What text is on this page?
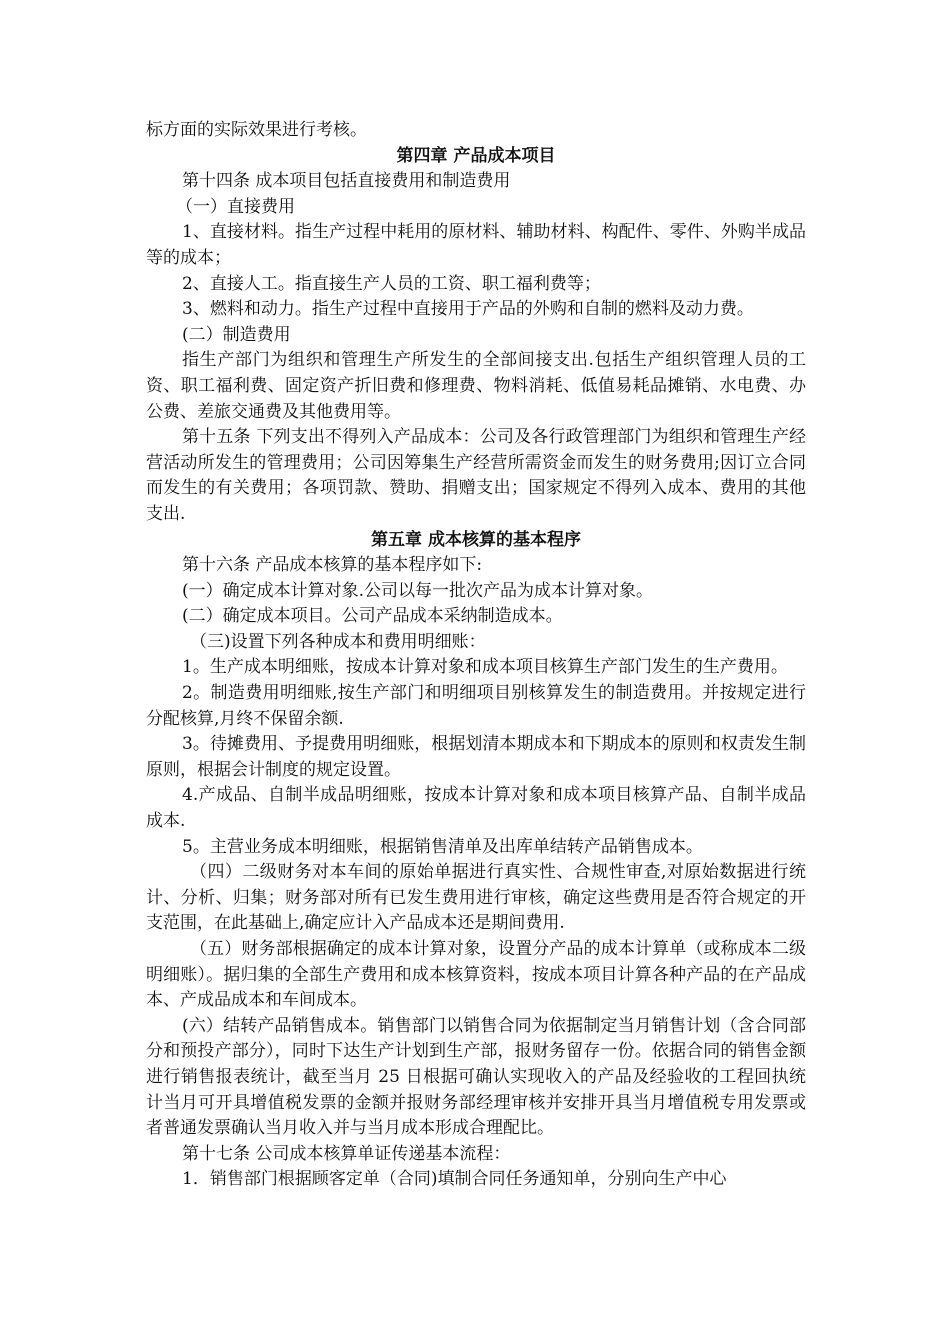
标方面的实际效果进行考核。

第四章 产品成本项目

第十四条 成本项目包括直接费用和制造费用

（一）直接费用

1、直接材料。指生产过程中耗用的原材料、辅助材料、构配件、零件、外购半成品等的成本；

2、直接人工。指直接生产人员的工资、职工福利费等；

3、燃料和动力。指生产过程中直接用于产品的外购和自制的燃料及动力费。

(二）制造费用

指生产部门为组织和管理生产所发生的全部间接支出.包括生产组织管理人员的工资、职工福利费、固定资产折旧费和修理费、物料消耗、低值易耗品摊销、水电费、办公费、差旅交通费及其他费用等。

第十五条 下列支出不得列入产品成本：公司及各行政管理部门为组织和管理生产经营活动所发生的管理费用；公司因筹集生产经营所需资金而发生的财务费用;因订立合同而发生的有关费用；各项罚款、赞助、捐赠支出；国家规定不得列入成本、费用的其他支出.

第五章 成本核算的基本程序

第十六条 产品成本核算的基本程序如下:

(一）确定成本计算对象.公司以每一批次产品为成本计算对象。

(二）确定成本项目。公司产品成本采纳制造成本。

（三)设置下列各种成本和费用明细账：

1。生产成本明细账，按成本计算对象和成本项目核算生产部门发生的生产费用。

2。制造费用明细账,按生产部门和明细项目别核算发生的制造费用。并按规定进行分配核算,月终不保留余额.

3。待摊费用、予提费用明细账，根据划清本期成本和下期成本的原则和权责发生制原则，根据会计制度的规定设置。

4.产成品、自制半成品明细账，按成本计算对象和成本项目核算产品、自制半成品成本.

5。主营业务成本明细账，根据销售清单及出库单结转产品销售成本。

（四）二级财务对本车间的原始单据进行真实性、合规性审查,对原始数据进行统计、分析、归集；财务部对所有已发生费用进行审核，确定这些费用是否符合规定的开支范围，在此基础上,确定应计入产品成本还是期间费用.

（五）财务部根据确定的成本计算对象，设置分产品的成本计算单（或称成本二级明细账）。据归集的全部生产费用和成本核算资料，按成本项目计算各种产品的在产品成本、产成品成本和车间成本。

(六）结转产品销售成本。销售部门以销售合同为依据制定当月销售计划（含合同部分和预投产部分），同时下达生产计划到生产部，报财务留存一份。依据合同的销售金额进行销售报表统计，截至当月 25 日根据可确认实现收入的产品及经验收的工程回执统计当月可开具增值税发票的金额并报财务部经理审核并安排开具当月增值税专用发票或者普通发票确认当月收入并与当月成本形成合理配比。

第十七条 公司成本核算单证传递基本流程：

1．销售部门根据顾客定单（合同)填制合同任务通知单，分别向生产中心
